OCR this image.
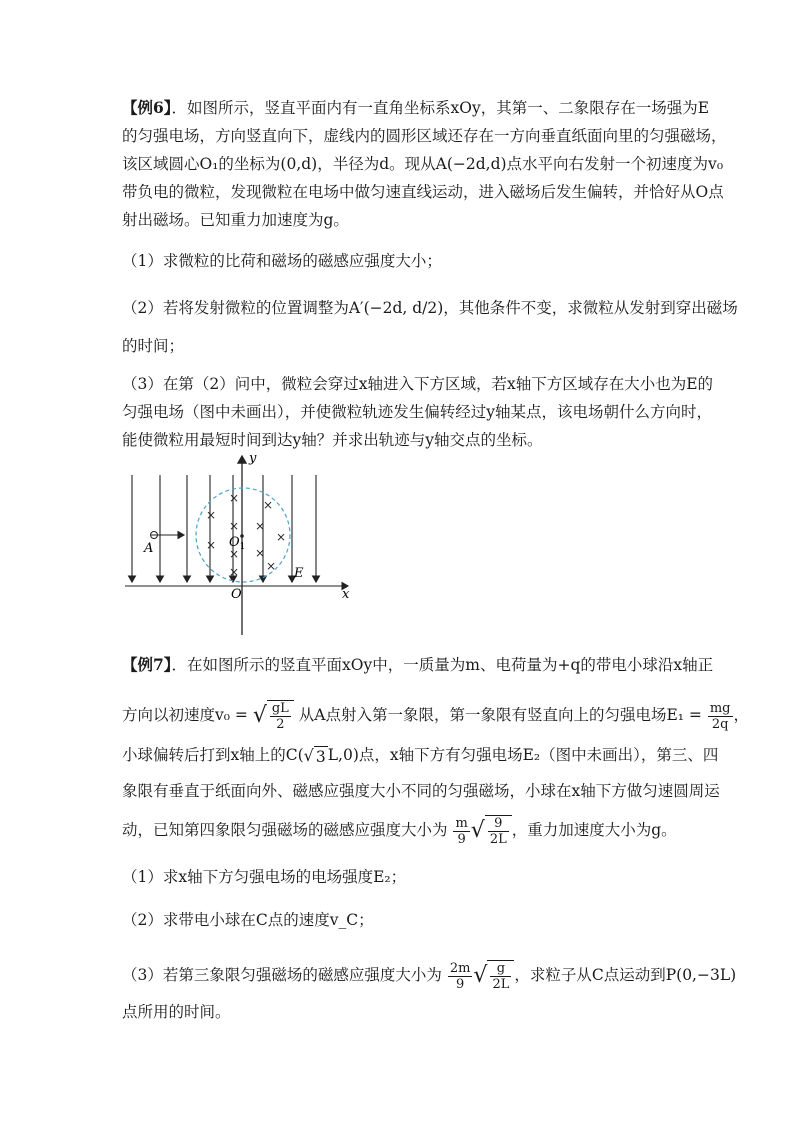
【例6】．如图所示，竖直平面内有一直角坐标系xOy，其第一、二象限存在一场强为E
的匀强电场，方向竖直向下，虚线内的圆形区域还存在一方向垂直纸面向里的匀强磁场，
该区域圆心O₁的坐标为(0,d)，半径为d。现从A(−2d,d)点水平向右发射一个初速度为v₀
带负电的微粒，发现微粒在电场中做匀速直线运动，进入磁场后发生偏转，并恰好从O点
射出磁场。已知重力加速度为g。
（1）求微粒的比荷和磁场的磁感应强度大小；
（2）若将发射微粒的位置调整为A′(−2d, d/2)，其他条件不变，求微粒从发射到穿出磁场
的时间；
（3）在第（2）问中，微粒会穿过x轴进入下方区域，若x轴下方区域存在大小也为E的
匀强电场（图中未画出），并使微粒轨迹发生偏转经过y轴某点，该电场朝什么方向时，
能使微粒用最短时间到达y轴？并求出轨迹与y轴交点的坐标。
×
×
×
×
×
×
×
×
×
×
×
y
x
O
$O_1$
A
E
【例7】．在如图所示的竖直平面xOy中，一质量为m、电荷量为+q的带电小球沿x轴正
方向以初速度v₀ = √ $\frac{gL}{2}$ 从A点射入第一象限，第一象限有竖直向上的匀强电场$E_1 = \frac{mg}{2q}$ ，
小球偏转后打到x轴上的C(√ 3 L,0)点，x轴下方有匀强电场E₂（图中未画出），第三、四
象限有垂直于纸面向外、磁感应强度大小不同的匀强磁场，小球在x轴下方做匀速圆周运
动，已知第四象限匀强磁场的磁感应强度大小为 $\frac{m}{9}$ √ $\frac{9}{2L}$ ，重力加速度大小为g。
（1）求x轴下方匀强电场的电场强度E₂；
（2）求带电小球在C点的速度v_C；
（3）若第三象限匀强磁场的磁感应强度大小为 $\frac{2m}{9}$ √ $\frac{g}{2L}$ ，求粒子从C点运动到P(0,−3L)
点所用的时间。
